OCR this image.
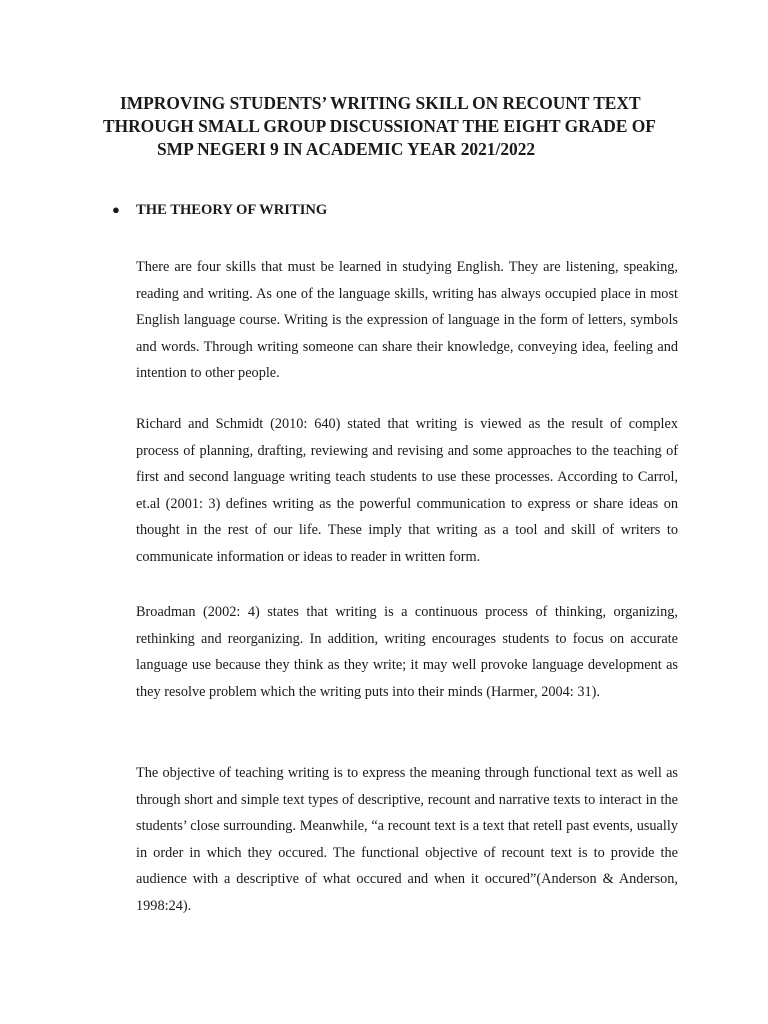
IMPROVING STUDENTS’ WRITING SKILL ON RECOUNT TEXT
THROUGH SMALL GROUP DISCUSSIONAT THE EIGHT GRADE OF
SMP NEGERI 9 IN ACADEMIC YEAR 2021/2022
● THE THEORY OF WRITING

There are four skills that must be learned in studying English. They are listening, speaking, reading and writing. As one of the language skills, writing has always occupied place in most English language course. Writing is the expression of language in the form of letters, symbols and words. Through writing someone can share their knowledge, conveying idea, feeling and intention to other people.

Richard and Schmidt (2010: 640) stated that writing is viewed as the result of complex process of planning, drafting, reviewing and revising and some approaches to the teaching of first and second language writing teach students to use these processes. According to Carrol, et.al (2001: 3) defines writing as the powerful communication to express or share ideas on thought in the rest of our life. These imply that writing as a tool and skill of writers to communicate information or ideas to reader in written form.

Broadman (2002: 4) states that writing is a continuous process of thinking, organizing, rethinking and reorganizing. In addition, writing encourages students to focus on accurate language use because they think as they write; it may well provoke language development as they resolve problem which the writing puts into their minds (Harmer, 2004: 31).

The objective of teaching writing is to express the meaning through functional text as well as through short and simple text types of descriptive, recount and narrative texts to interact in the students’ close surrounding. Meanwhile, “a recount text is a text that retell past events, usually in order in which they occured. The functional objective of recount text is to provide the audience with a descriptive of what occured and when it occured”(Anderson & Anderson, 1998:24).
